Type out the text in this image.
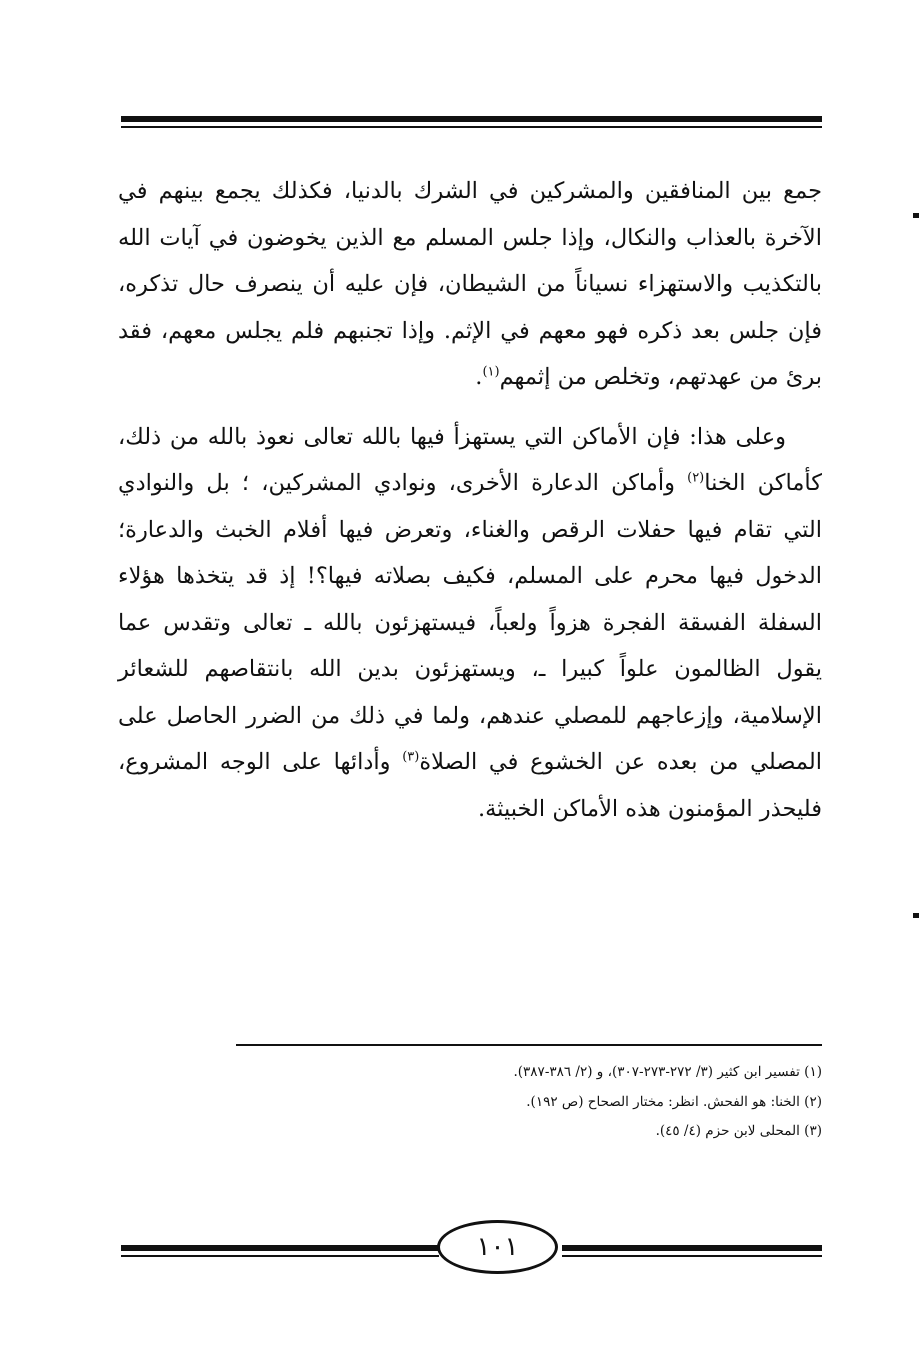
جمع بين المنافقين والمشركين في الشرك بالدنيا، فكذلك يجمع بينهم في الآخرة بالعذاب والنكال، وإذا جلس المسلم مع الذين يخوضون في آيات الله بالتكذيب والاستهزاء نسياناً من الشيطان، فإن عليه أن ينصرف حال تذكره، فإن جلس بعد ذكره فهو معهم في الإثم. وإذا تجنبهم فلم يجلس معهم، فقد برئ من عهدتهم، وتخلص من إثمهم$^{(١)}$.

وعلى هذا: فإن الأماكن التي يستهزأ فيها بالله تعالى نعوذ بالله من ذلك، كأماكن الخنا$^{(٢)}$ وأماكن الدعارة الأخرى، ونوادي المشركين، ؛ بل والنوادي التي تقام فيها حفلات الرقص والغناء، وتعرض فيها أفلام الخبث والدعارة؛ الدخول فيها محرم على المسلم، فكيف بصلاته فيها؟! إذ قد يتخذها هؤلاء السفلة الفسقة الفجرة هزواً ولعباً، فيستهزئون بالله ـ تعالى وتقدس عما يقول الظالمون علواً كبيرا ـ، ويستهزئون بدين الله بانتقاصهم للشعائر الإسلامية، وإزعاجهم للمصلي عندهم، ولما في ذلك من الضرر الحاصل على المصلي من بعده عن الخشوع في الصلاة$^{(٣)}$ وأدائها على الوجه المشروع، فليحذر المؤمنون هذه الأماكن الخبيثة.

(١) تفسير ابن كثير (٣/ ٢٧٢-٢٧٣-٣٠٧)، و (٢/ ٣٨٦-٣٨٧).
(٢) الخنا: هو الفحش. انظر: مختار الصحاح (ص ١٩٢).
(٣) المحلى لابن حزم (٤/ ٤٥).
١٠١
